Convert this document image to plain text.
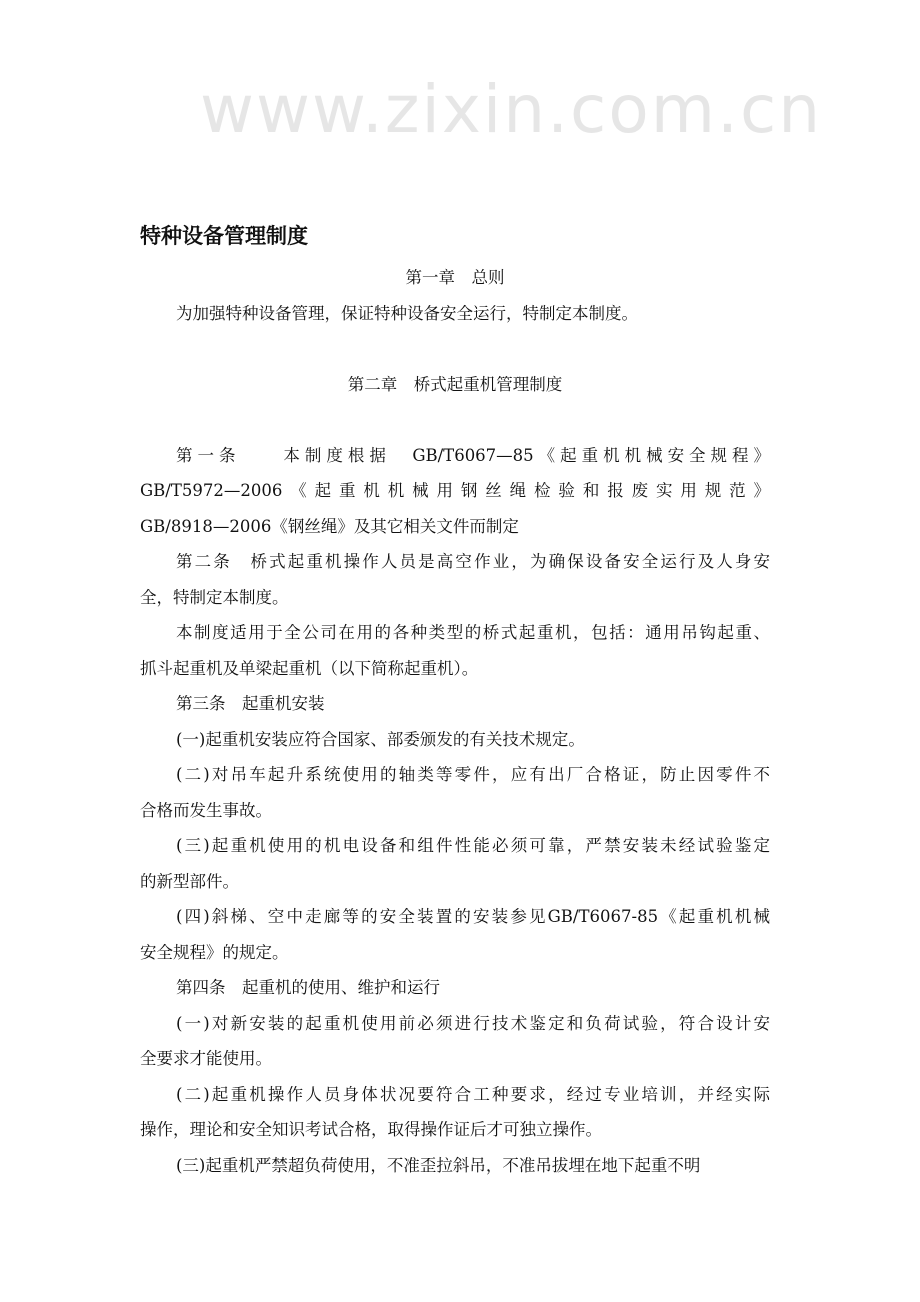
www.zixin.com.cn
特种设备管理制度
第一章　总则
为加强特种设备管理，保证特种设备安全运行，特制定本制度。
第二章　桥式起重机管理制度
第一条　　本制度根据　GB/T6067—85《起重机机械安全规程》
GB/T5972—2006《起重机机械用钢丝绳检验和报废实用规范》
GB/8918—2006《钢丝绳》及其它相关文件而制定
第二条　桥式起重机操作人员是高空作业，为确保设备安全运行及人身安
全，特制定本制度。
本制度适用于全公司在用的各种类型的桥式起重机，包括：通用吊钩起重、
抓斗起重机及单梁起重机（以下简称起重机）。
第三条　起重机安装
(一)起重机安装应符合国家、部委颁发的有关技术规定。
(二)对吊车起升系统使用的轴类等零件，应有出厂合格证，防止因零件不
合格而发生事故。
(三)起重机使用的机电设备和组件性能必须可靠，严禁安装未经试验鉴定
的新型部件。
(四)斜梯、空中走廊等的安全装置的安装参见GB/T6067-85《起重机机械
安全规程》的规定。
第四条　起重机的使用、维护和运行
(一)对新安装的起重机使用前必须进行技术鉴定和负荷试验，符合设计安
全要求才能使用。
(二)起重机操作人员身体状况要符合工种要求，经过专业培训，并经实际
操作，理论和安全知识考试合格，取得操作证后才可独立操作。
(三)起重机严禁超负荷使用，不准歪拉斜吊，不准吊拔埋在地下起重不明
